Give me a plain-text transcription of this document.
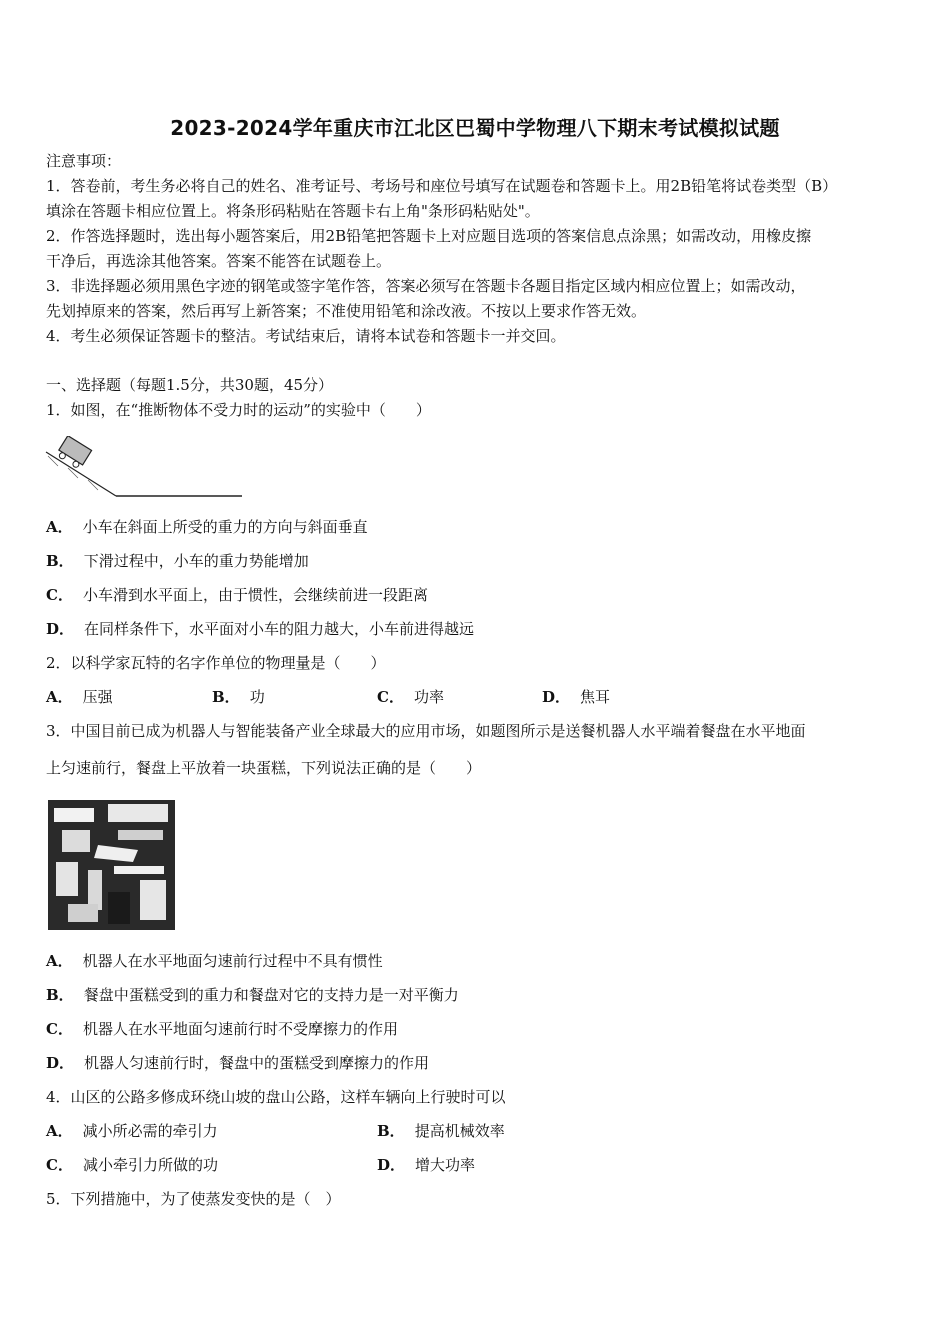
2023-2024学年重庆市江北区巴蜀中学物理八下期末考试模拟试题
注意事项：
1．答卷前，考生务必将自己的姓名、准考证号、考场号和座位号填写在试题卷和答题卡上。用2B铅笔将试卷类型（B）
填涂在答题卡相应位置上。将条形码粘贴在答题卡右上角"条形码粘贴处"。
2．作答选择题时，选出每小题答案后，用2B铅笔把答题卡上对应题目选项的答案信息点涂黑；如需改动，用橡皮擦
干净后，再选涂其他答案。答案不能答在试题卷上。
3．非选择题必须用黑色字迹的钢笔或签字笔作答，答案必须写在答题卡各题目指定区域内相应位置上；如需改动，
先划掉原来的答案，然后再写上新答案；不准使用铅笔和涂改液。不按以上要求作答无效。
4．考生必须保证答题卡的整洁。考试结束后，请将本试卷和答题卡一并交回。
一、选择题（每题1.5分，共30题，45分）
1．如图，在“推断物体不受力时的运动”的实验中（　　）
A． 小车在斜面上所受的重力的方向与斜面垂直
B． 下滑过程中，小车的重力势能增加
C． 小车滑到水平面上，由于惯性，会继续前进一段距离
D． 在同样条件下，水平面对小车的阻力越大，小车前进得越远
2．以科学家瓦特的名字作单位的物理量是（　　）
A． 压强	B． 功	C． 功率	D． 焦耳
3．中国目前已成为机器人与智能装备产业全球最大的应用市场，如题图所示是送餐机器人水平端着餐盘在水平地面
上匀速前行，餐盘上平放着一块蛋糕，下列说法正确的是（　　）
A． 机器人在水平地面匀速前行过程中不具有惯性
B． 餐盘中蛋糕受到的重力和餐盘对它的支持力是一对平衡力
C． 机器人在水平地面匀速前行时不受摩擦力的作用
D． 机器人匀速前行时，餐盘中的蛋糕受到摩擦力的作用
4．山区的公路多修成环绕山坡的盘山公路，这样车辆向上行驶时可以
A． 减小所必需的牵引力	B． 提高机械效率
C． 减小牵引力所做的功	D． 增大功率
5．下列措施中，为了使蒸发变快的是（　）
